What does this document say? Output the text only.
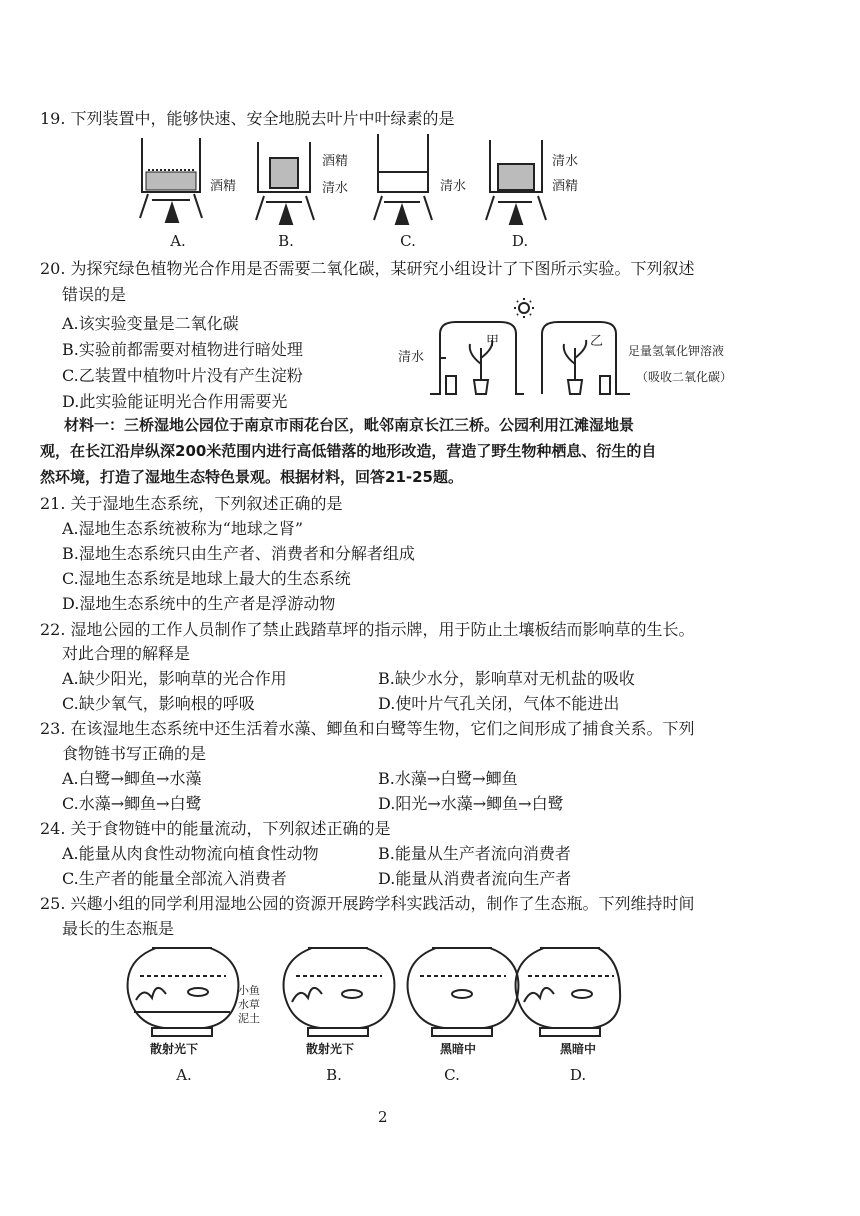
19. 下列装置中，能够快速、安全地脱去叶片中叶绿素的是
酒精
酒精
清水	清水
清水
酒精
A.	B.	C.	D.
20. 为探究绿色植物光合作用是否需要二氧化碳，某研究小组设计了下图所示实验。下列叙述
错误的是
A.该实验变量是二氧化碳
B.实验前都需要对植物进行暗处理
C.乙装置中植物叶片没有产生淀粉
D.此实验能证明光合作用需要光
清水
甲	乙
足量氢氧化钾溶液
（吸收二氧化碳）
材料一：三桥湿地公园位于南京市雨花台区，毗邻南京长江三桥。公园利用江滩湿地景
观，在长江沿岸纵深200米范围内进行高低错落的地形改造，营造了野生物种栖息、衍生的自
然环境，打造了湿地生态特色景观。根据材料，回答21-25题。
21. 关于湿地生态系统，下列叙述正确的是
A.湿地生态系统被称为“地球之肾”
B.湿地生态系统只由生产者、消费者和分解者组成
C.湿地生态系统是地球上最大的生态系统
D.湿地生态系统中的生产者是浮游动物
22. 湿地公园的工作人员制作了禁止践踏草坪的指示牌，用于防止土壤板结而影响草的生长。
对此合理的解释是
A.缺少阳光，影响草的光合作用	B.缺少水分，影响草对无机盐的吸收
C.缺少氧气，影响根的呼吸	D.使叶片气孔关闭，气体不能进出
23. 在该湿地生态系统中还生活着水藻、鲫鱼和白鹭等生物，它们之间形成了捕食关系。下列
食物链书写正确的是
A.白鹭→鲫鱼→水藻	B.水藻→白鹭→鲫鱼
C.水藻→鲫鱼→白鹭	D.阳光→水藻→鲫鱼→白鹭
24. 关于食物链中的能量流动，下列叙述正确的是
A.能量从肉食性动物流向植食性动物	B.能量从生产者流向消费者
C.生产者的能量全部流入消费者	D.能量从消费者流向生产者
25. 兴趣小组的同学利用湿地公园的资源开展跨学科实践活动，制作了生态瓶。下列维持时间
最长的生态瓶是
小鱼
水草
泥土
散射光下	散射光下	黑暗中	黑暗中
A.	B.	C.	D.
2
